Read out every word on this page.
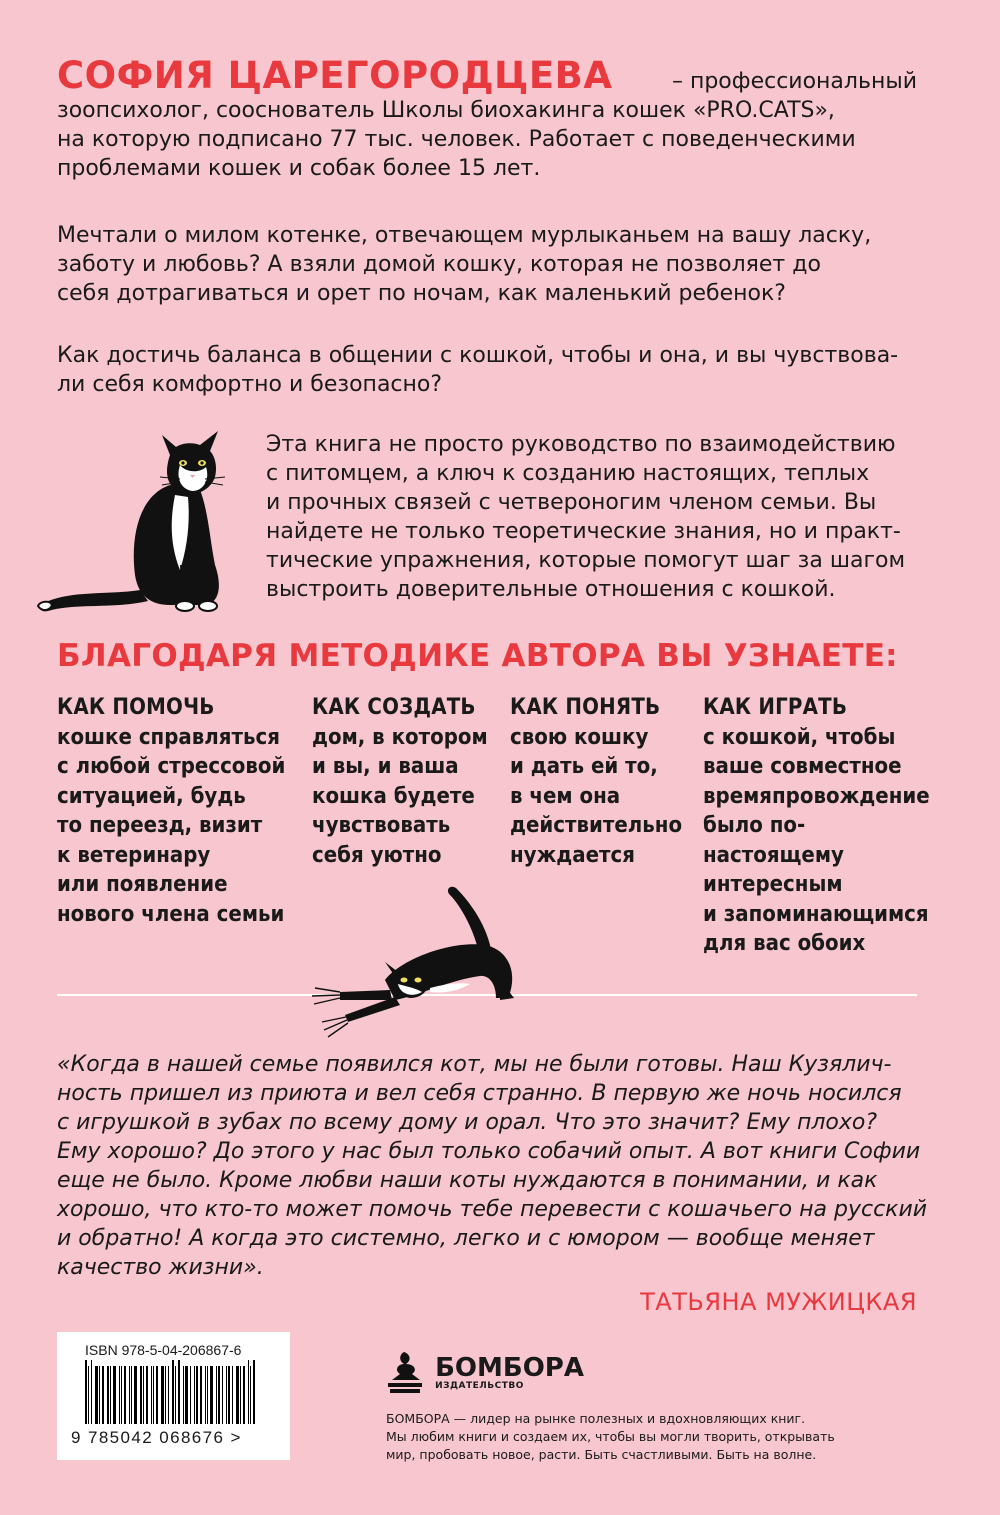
СОФИЯ ЦАРЕГОРОДЦЕВА	– профессиональный

зоопсихолог, сооснователь Школы биохакинга кошек «PRO.CATS»,

на которую подписано 77 тыс. человек. Работает с поведенческими

проблемами кошек и собак более 15 лет.

Мечтали о милом котенке, отвечающем мурлыканьем на вашу ласку,

заботу и любовь? А взяли домой кошку, которая не позволяет до

себя дотрагиваться и орет по ночам, как маленький ребенок?

Как достичь баланса в общении с кошкой, чтобы и она, и вы чувствова-

ли себя комфортно и безопасно?

Эта книга не просто руководство по взаимодействию

с питомцем, а ключ к созданию настоящих, теплых

и прочных связей с четвероногим членом семьи. Вы

найдете не только теоретические знания, но и практ-

тические упражнения, которые помогут шаг за шагом

выстроить доверительные отношения с кошкой.

БЛАГОДАРЯ МЕТОДИКЕ АВТОРА ВЫ УЗНАЕТЕ:
КАК ПОМОЧЬ
кошке справляться
с любой стрессовой
ситуацией, будь
то переезд, визит
к ветеринару
или появление
нового члена семьи
КАК СОЗДАТЬ
дом, в котором
и вы, и ваша
кошка будете
чувствовать
себя уютно
КАК ПОНЯТЬ
свою кошку
и дать ей то,
в чем она
действительно
нуждается
КАК ИГРАТЬ
с кошкой, чтобы
ваше совместное
времяпровождение
было по-настоящему
интересным
и запоминающимся
для вас обоих

«Когда в нашей семье появился кот, мы не были готовы. Наш Кузялич-

ность пришел из приюта и вел себя странно. В первую же ночь носился

с игрушкой в зубах по всему дому и орал. Что это значит? Ему плохо?

Ему хорошо? До этого у нас был только собачий опыт. А вот книги Софии

еще не было. Кроме любви наши коты нуждаются в понимании, и как

хорошо, что кто-то может помочь тебе перевести с кошачьего на русский

и обратно! А когда это системно, легко и с юмором — вообще меняет

качество жизни».

ТАТЬЯНА МУЖИЦКАЯ
ISBN 978-5-04-206867-6
9 785042 068676 >

БОМБОРА
ИЗДАТЕЛЬСТВО
БОМБОРА — лидер на рынке полезных и вдохновляющих книг.
Мы любим книги и создаем их, чтобы вы могли творить, открывать
мир, пробовать новое, расти. Быть счастливыми. Быть на волне.
